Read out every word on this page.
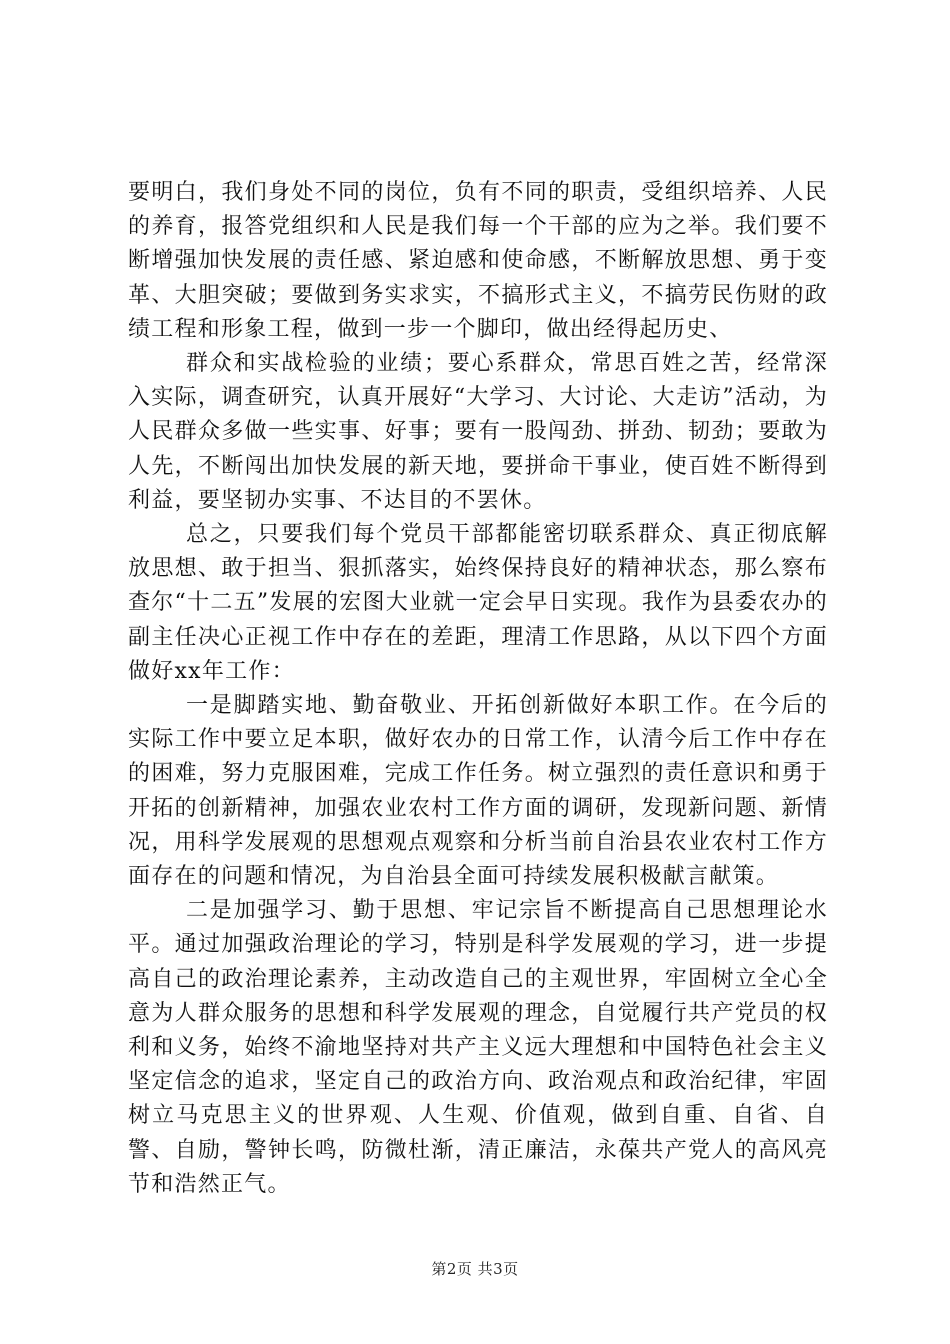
要明白，我们身处不同的岗位，负有不同的职责，受组织培养、人民的养育，报答党组织和人民是我们每一个干部的应为之举。我们要不断增强加快发展的责任感、紧迫感和使命感，不断解放思想、勇于变革、大胆突破；要做到务实求实，不搞形式主义，不搞劳民伤财的政绩工程和形象工程，做到一步一个脚印，做出经得起历史、

群众和实战检验的业绩；要心系群众，常思百姓之苦，经常深入实际，调查研究，认真开展好“大学习、大讨论、大走访”活动，为人民群众多做一些实事、好事；要有一股闯劲、拼劲、韧劲；要敢为人先，不断闯出加快发展的新天地，要拼命干事业，使百姓不断得到利益，要坚韧办实事、不达目的不罢休。

总之，只要我们每个党员干部都能密切联系群众、真正彻底解放思想、敢于担当、狠抓落实，始终保持良好的精神状态，那么察布查尔“十二五”发展的宏图大业就一定会早日实现。我作为县委农办的副主任决心正视工作中存在的差距，理清工作思路，从以下四个方面做好xx年工作：

一是脚踏实地、勤奋敬业、开拓创新做好本职工作。在今后的实际工作中要立足本职，做好农办的日常工作，认清今后工作中存在的困难，努力克服困难，完成工作任务。树立强烈的责任意识和勇于开拓的创新精神，加强农业农村工作方面的调研，发现新问题、新情况，用科学发展观的思想观点观察和分析当前自治县农业农村工作方面存在的问题和情况，为自治县全面可持续发展积极献言献策。

二是加强学习、勤于思想、牢记宗旨不断提高自己思想理论水平。通过加强政治理论的学习，特别是科学发展观的学习，进一步提高自己的政治理论素养，主动改造自己的主观世界，牢固树立全心全意为人群众服务的思想和科学发展观的理念，自觉履行共产党员的权利和义务，始终不渝地坚持对共产主义远大理想和中国特色社会主义坚定信念的追求，坚定自己的政治方向、政治观点和政治纪律，牢固树立马克思主义的世界观、人生观、价值观，做到自重、自省、自警、自励，警钟长鸣，防微杜渐，清正廉洁，永葆共产党人的高风亮节和浩然正气。

第2页 共3页
